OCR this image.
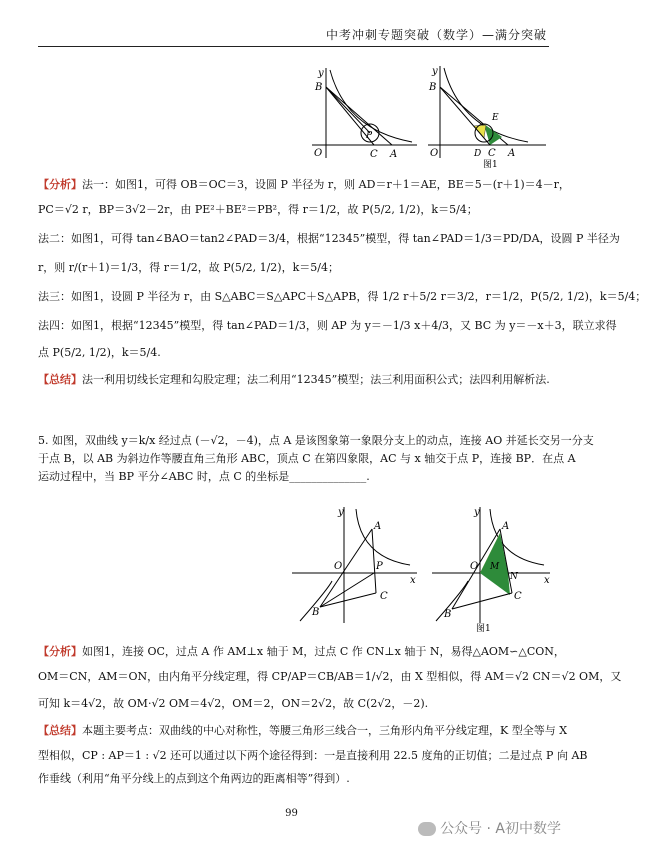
中考冲刺专题突破（数学）—满分突破
y
B
O	C A
P
y
B
O
E
D C A
图1
【分析】法一：如图1，可得 OB＝OC＝3，设圆 P 半径为 r，则 AD＝r＋1＝AE，BE＝5－(r＋1)＝4－r，
PC＝√2 r，BP＝3√2－2r，由 PE²＋BE²＝PB²，得 r＝1/2，故 P(5/2, 1/2)，k＝5/4；
法二：如图1，可得 tan∠BAO＝tan2∠PAD＝3/4，根据“12345”模型，得 tan∠PAD＝1/3＝PD/DA，设圆 P 半径为
r，则 r/(r＋1)＝1/3，得 r＝1/2，故 P(5/2, 1/2)，k＝5/4；
法三：如图1，设圆 P 半径为 r，由 S△ABC＝S△APC＋S△APB，得 1/2 r＋5/2 r＝3/2，r＝1/2，P(5/2, 1/2)，k＝5/4；
法四：如图1，根据“12345”模型，得 tan∠PAD＝1/3，则 AP 为 y＝－1/3 x＋4/3，又 BC 为 y＝－x＋3，联立求得
点 P(5/2, 1/2)，k＝5/4.
【总结】法一利用切线长定理和勾股定理；法二利用“12345”模型；法三利用面积公式；法四利用解析法.
5. 如图，双曲线 y＝k/x 经过点 (－√2，－4)，点 A 是该图象第一象限分支上的动点，连接 AO 并延长交另一分支
于点 B，以 AB 为斜边作等腰直角三角形 ABC，顶点 C 在第四象限，AC 与 x 轴交于点 P，连接 BP．在点 A
运动过程中，当 BP 平分∠ABC 时，点 C 的坐标是______________.
y
x
O
A
B
C
P
y
x
O
A
B
C
M
N
图1
【分析】如图1，连接 OC，过点 A 作 AM⊥x 轴于 M，过点 C 作 CN⊥x 轴于 N，易得△AOM∽△CON，
OM＝CN，AM＝ON，由内角平分线定理，得 CP/AP＝CB/AB＝1/√2，由 X 型相似，得 AM＝√2 CN＝√2 OM，又
可知 k＝4√2，故 OM·√2 OM＝4√2，OM＝2，ON＝2√2，故 C(2√2，－2).
【总结】本题主要考点：双曲线的中心对称性，等腰三角形三线合一，三角形内角平分线定理，K 型全等与 X
型相似，CP : AP＝1 : √2 还可以通过以下两个途径得到：一是直接利用 22.5 度角的正切值；二是过点 P 向 AB
作垂线（利用“角平分线上的点到这个角两边的距离相等”得到）.
99
公众号 · A初中数学
